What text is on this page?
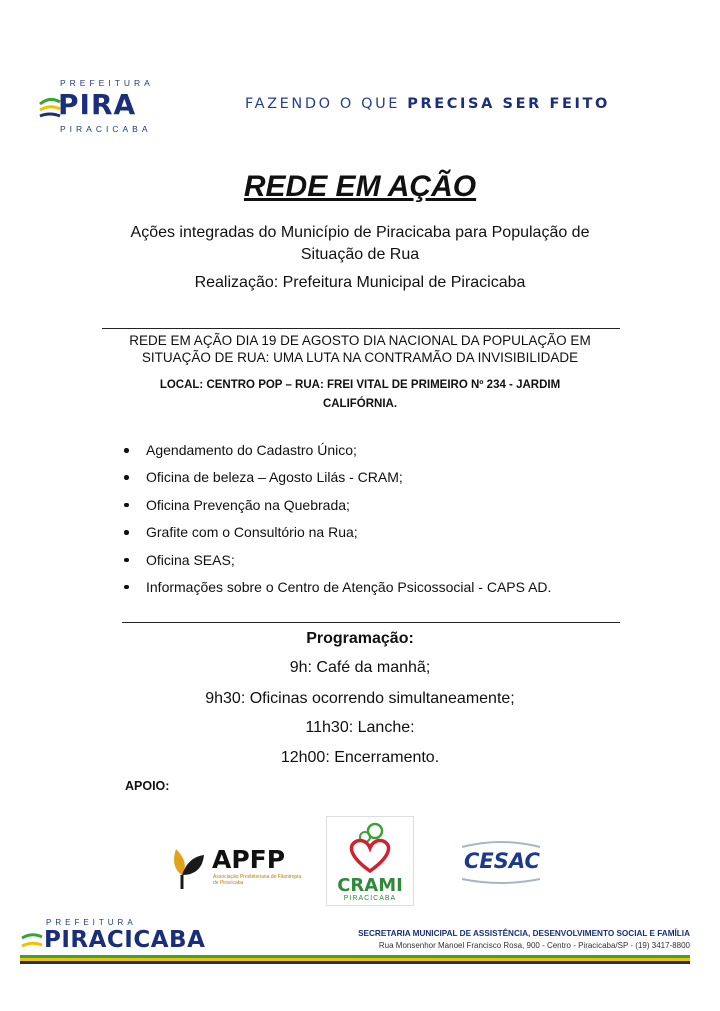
PREFEITURA
PIRA
PIRACICABA
FAZENDO O QUE PRECISA SER FEITO
REDE EM AÇÃO
Ações integradas do Município de Piracicaba para População de Situação de Rua
Realização: Prefeitura Municipal de Piracicaba
REDE EM AÇÃO DIA 19 DE AGOSTO DIA NACIONAL DA POPULAÇÃO EM SITUAÇÃO DE RUA: UMA LUTA NA CONTRAMÃO DA INVISIBILIDADE
LOCAL: CENTRO POP – RUA: FREI VITAL DE PRIMEIRO Nº 234 - JARDIM CALIFÓRNIA.
Agendamento do Cadastro Único;
Oficina de beleza – Agosto Lilás - CRAM;
Oficina Prevenção na Quebrada;
Grafite com o Consultório na Rua;
Oficina SEAS;
Informações sobre o Centro de Atenção Psicossocial - CAPS AD.
Programação:
9h: Café da manhã;
9h30: Oficinas ocorrendo simultaneamente;
11h30: Lanche:
12h00: Encerramento.
APOIO:
APFP
Associação Presbiteriana de Filantropia de Piracicaba	CRAMI
PIRACICABA
CESAC
PREFEITURA
PIRACICABA	SECRETARIA MUNICIPAL DE ASSISTÊNCIA, DESENVOLVIMENTO SOCIAL E FAMÍLIA
Rua Monsenhor Manoel Francisco Rosa, 900 - Centro - Piracicaba/SP - (19) 3417-8800
